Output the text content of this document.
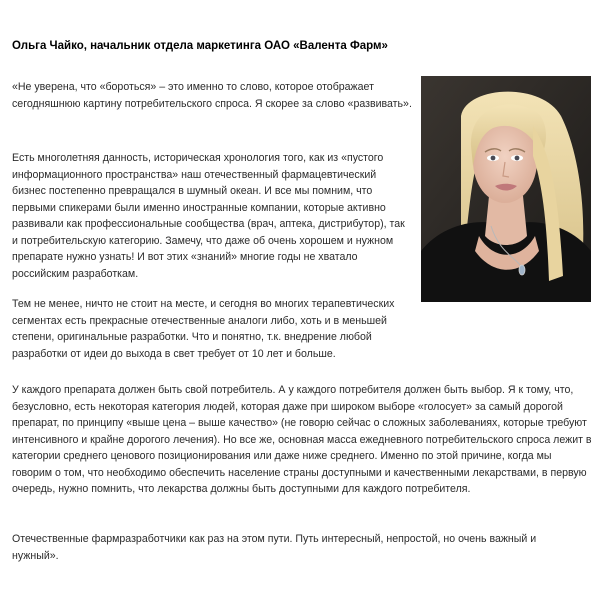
Ольга Чайко, начальник отдела маркетинга ОАО «Валента Фарм»

«Не уверена, что «бороться» – это именно то слово, которое отображает сегодняшнюю картину потребительского спроса. Я скорее за слово «развивать».

Есть многолетняя данность, историческая хронология того, как из «пустого информационного пространства» наш отечественный фармацевтический бизнес постепенно превращался в шумный океан. И все мы помним, что первыми спикерами были именно иностранные компании, которые активно развивали как профессиональные сообщества (врач, аптека, дистрибутор), так и потребительскую категорию. Замечу, что даже об очень хорошем и нужном препарате нужно узнать! И вот этих «знаний» многие годы не хватало российским разработкам.

Тем не менее, ничто не стоит на месте, и сегодня во многих терапевтических сегментах есть прекрасные отечественные аналоги либо, хоть и в меньшей степени, оригинальные разработки. Что и понятно, т.к. внедрение любой разработки от идеи до выхода в свет требует от 10 лет и больше.

У каждого препарата должен быть свой потребитель. А у каждого потребителя должен быть выбор. Я к тому, что, безусловно, есть некоторая категория людей, которая даже при широком выборе «голосует» за самый дорогой препарат, по принципу «выше цена – выше качество» (не говорю сейчас о сложных заболеваниях, которые требуют интенсивного и крайне дорогого лечения). Но все же, основная масса ежедневного потребительского спроса лежит в категории среднего ценового позиционирования или даже ниже среднего. Именно по этой причине, когда мы говорим о том, что необходимо обеспечить население страны доступными и качественными лекарствами, в первую очередь, нужно помнить, что лекарства должны быть доступными для каждого потребителя.

Отечественные фармразработчики как раз на этом пути. Путь интересный, непростой, но очень важный и нужный».
